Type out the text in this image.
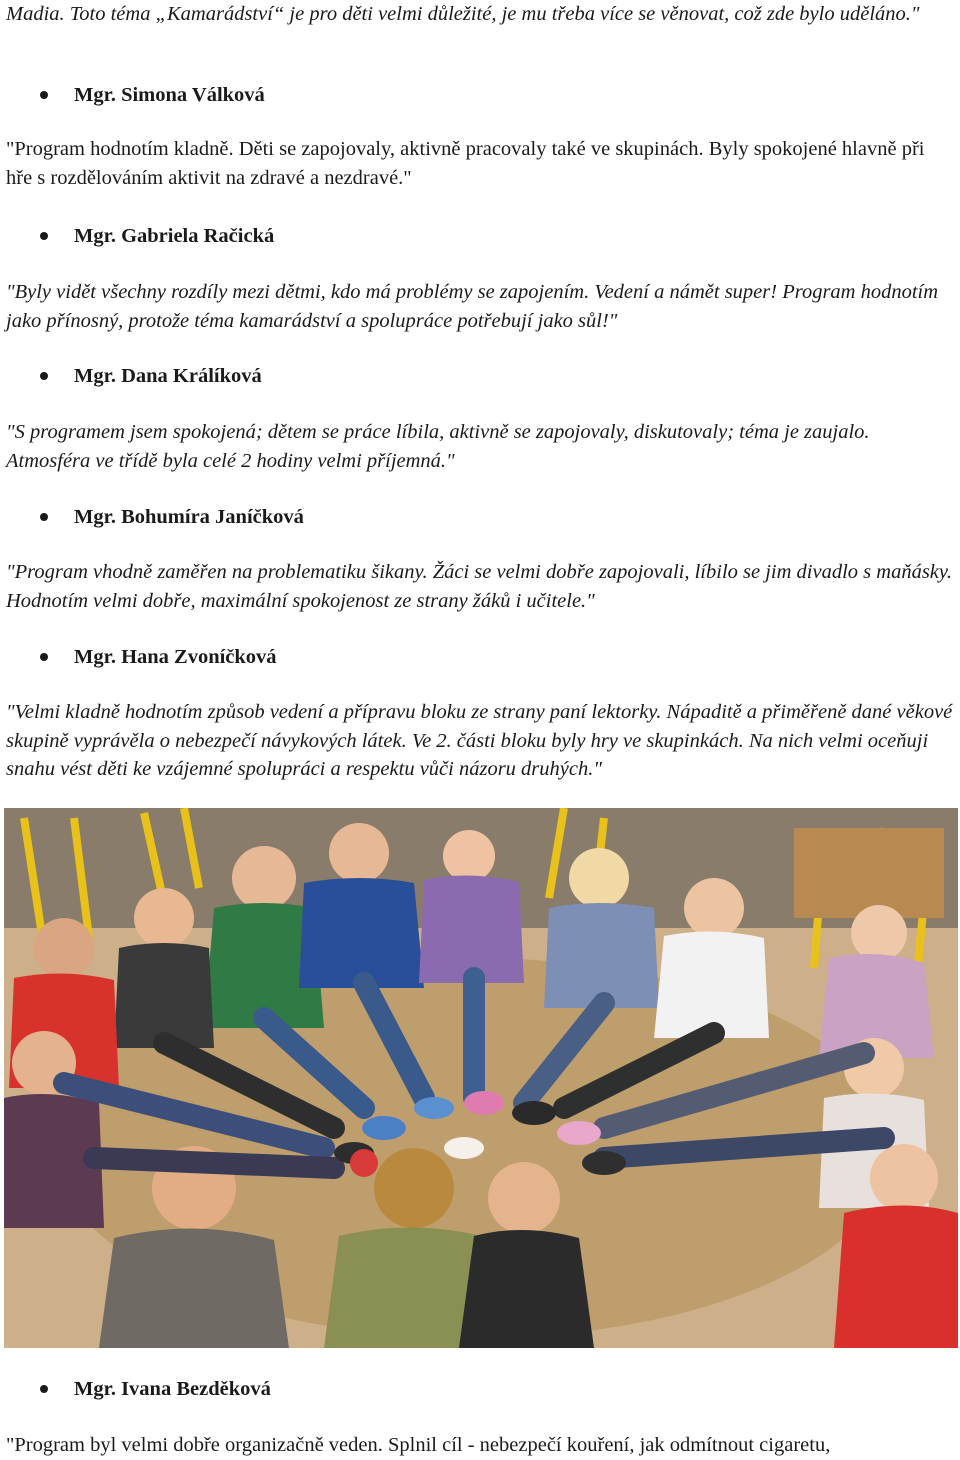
Madia. Toto téma „Kamarádství“ je pro děti velmi důležité, je mu třeba více se věnovat, což zde bylo uděláno."

Mgr. Simona Válková

"Program hodnotím kladně. Děti se zapojovaly, aktivně pracovaly také ve skupinách. Byly spokojené hlavně při hře s rozdělováním aktivit na zdravé a nezdravé."

Mgr. Gabriela Račická

"Byly vidět všechny rozdíly mezi dětmi, kdo má problémy se zapojením. Vedení a námět super! Program hodnotím jako přínosný, protože téma kamarádství a spolupráce potřebují jako sůl!"

Mgr. Dana Králíková

"S programem jsem spokojená; dětem se práce líbila, aktivně se zapojovaly, diskutovaly; téma je zaujalo. Atmosféra ve třídě byla celé 2 hodiny velmi příjemná."

Mgr. Bohumíra Janíčková

"Program vhodně zaměřen na problematiku šikany. Žáci se velmi dobře zapojovali, líbilo se jim divadlo s maňásky. Hodnotím velmi dobře, maximální spokojenost ze strany žáků i učitele."

Mgr. Hana Zvoníčková

"Velmi kladně hodnotím způsob vedení a přípravu bloku ze strany paní lektorky. Nápaditě a přiměřeně dané věkové skupině vyprávěla o nebezpečí návykových látek. Ve 2. části bloku byly hry ve skupinkách. Na nich velmi oceňuji snahu vést děti ke vzájemné spolupráci a respektu vůči názoru druhých."

Mgr. Ivana Bezděková

"Program byl velmi dobře organizačně veden. Splnil cíl - nebezpečí kouření, jak odmítnout cigaretu,
